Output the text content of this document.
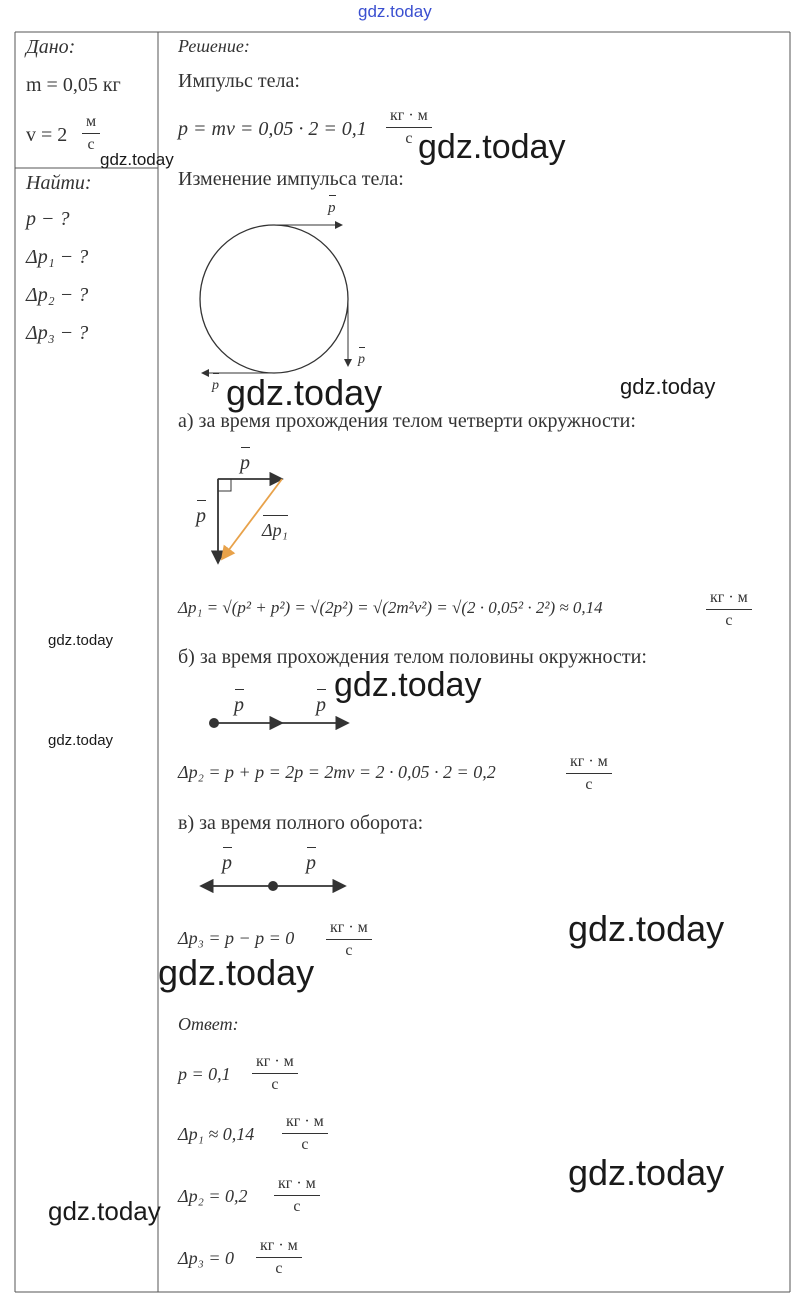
gdz.today
Дано:
m = 0,05 кг
v = 2
м
с
Найти:
p − ?
Δp₁ − ?
Δp₂ − ?
Δp₃ − ?
Решение:
Импульс тела:
p = mv = 0,05 · 2 = 0,1
кг · м
с
Изменение импульса тела:
p
p
p
а) за время прохождения телом четверти окружности:
p
p
Δp₁
Δp₁ = √(p² + p²) = √(2p²) = √(2m²v²) = √(2 · 0,05² · 2²) ≈ 0,14
кг · м
с
б) за время прохождения телом половины окружности:
p	p
Δp₂ = p + p = 2p = 2mv = 2 · 0,05 · 2 = 0,2
кг · м
с
в) за время полного оборота:
p	p
Δp₃ = p − p = 0
кг · м
с
Ответ:
p = 0,1
кг · м
с
Δp₁ ≈ 0,14
кг · м
с
Δp₂ = 0,2
кг · м
с
Δp₃ = 0
кг · м
с
gdz.today	gdz.today
gdz.today	gdz.today
gdz.today
gdz.today
gdz.today
gdz.today
gdz.today
gdz.today
gdz.today
